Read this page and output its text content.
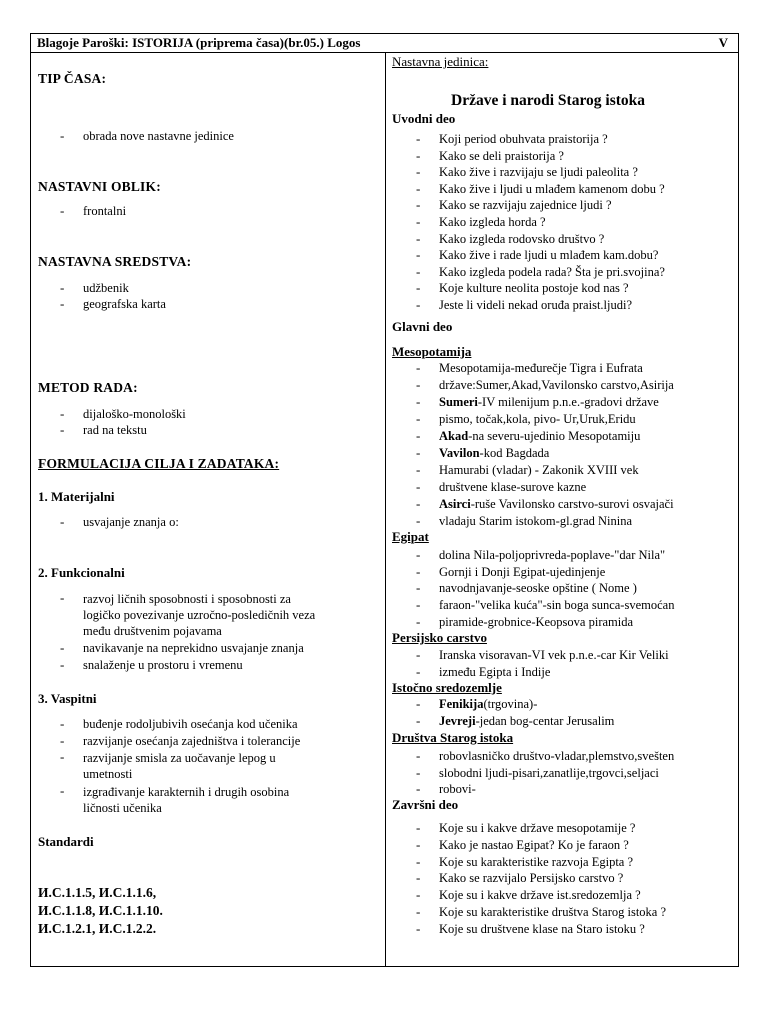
Blagoje Paroški: ISTORIJA (priprema časa)(br.05.) Logos	V
TIP ČASA:
- obrada nove nastavne jedinice
NASTAVNI OBLIK:
- frontalni
NASTAVNA SREDSTVA:
- udžbenik
- geografska karta
METOD RADA:
- dijaloško-monološki
- rad na tekstu
FORMULACIJA CILJA I ZADATAKA:
1. Materijalni
- usvajanje znanja o:
2. Funkcionalni
- razvoj ličnih sposobnosti i sposobnosti za
logičko povezivanje uzročno-posledičnih veza
među društvenim pojavama
- navikavanje na neprekidno usvajanje znanja
- snalaženje u prostoru i vremenu
3. Vaspitni
- buđenje rodoljubivih osećanja kod učenika
- razvijanje osećanja zajedništva i tolerancije
- razvijanje smisla za uočavanje lepog u
umetnosti
- izgrađivanje karakternih i drugih osobina
ličnosti učenika
Standardi
И.С.1.1.5, И.С.1.1.6,
И.С.1.1.8, И.С.1.1.10.
И.С.1.2.1, И.С.1.2.2.
Nastavna jedinica:
Države i narodi Starog istoka
Uvodni deo
- Koji period obuhvata praistorija ?
- Kako se deli praistorija ?
- Kako žive i razvijaju se ljudi paleolita ?
- Kako žive i ljudi u mlađem kamenom dobu ?
- Kako se razvijaju zajednice ljudi ?
- Kako izgleda horda ?
- Kako izgleda rodovsko društvo ?
- Kako žive i rade ljudi u mlađem kam.dobu?
- Kako izgleda podela rada? Šta je pri.svojina?
- Koje kulture neolita postoje kod nas ?
- Jeste li videli nekad oruđa praist.ljudi?
Glavni deo
Mesopotamija
- Mesopotamija-međurečje Tigra i Eufrata
- države:Sumer,Akad,Vavilonsko carstvo,Asirija
- Sumeri-IV milenijum p.n.e.-gradovi države
- pismo, točak,kola, pivo- Ur,Uruk,Eridu
- Akad-na severu-ujedinio Mesopotamiju
- Vavilon-kod Bagdada
- Hamurabi (vladar) - Zakonik XVIII vek
- društvene klase-surove kazne
- Asirci-ruše Vavilonsko carstvo-surovi osvajači
- vladaju Starim istokom-gl.grad Ninina
Egipat
- dolina Nila-poljoprivreda-poplave-"dar Nila"
- Gornji i Donji Egipat-ujedinjenje
- navodnjavanje-seoske opštine ( Nome )
- faraon-"velika kuća"-sin boga sunca-svemoćan
- piramide-grobnice-Keopsova piramida
Persijsko carstvo
- Iranska visoravan-VI vek p.n.e.-car Kir Veliki
- između Egipta i Indije
Istočno sredozemlje
- Fenikija(trgovina)-
- Jevreji-jedan bog-centar Jerusalim
Društva Starog istoka
- robovlasničko društvo-vladar,plemstvo,svešten
- slobodni ljudi-pisari,zanatlije,trgovci,seljaci
- robovi-
Završni deo
- Koje su i kakve države mesopotamije ?
- Kako je nastao Egipat? Ko je faraon ?
- Koje su karakteristike razvoja Egipta ?
- Kako se razvijalo Persijsko carstvo ?
- Koje su i kakve države ist.sredozemlja ?
- Koje su karakteristike društva Starog istoka ?
- Koje su društvene klase na Staro istoku ?
